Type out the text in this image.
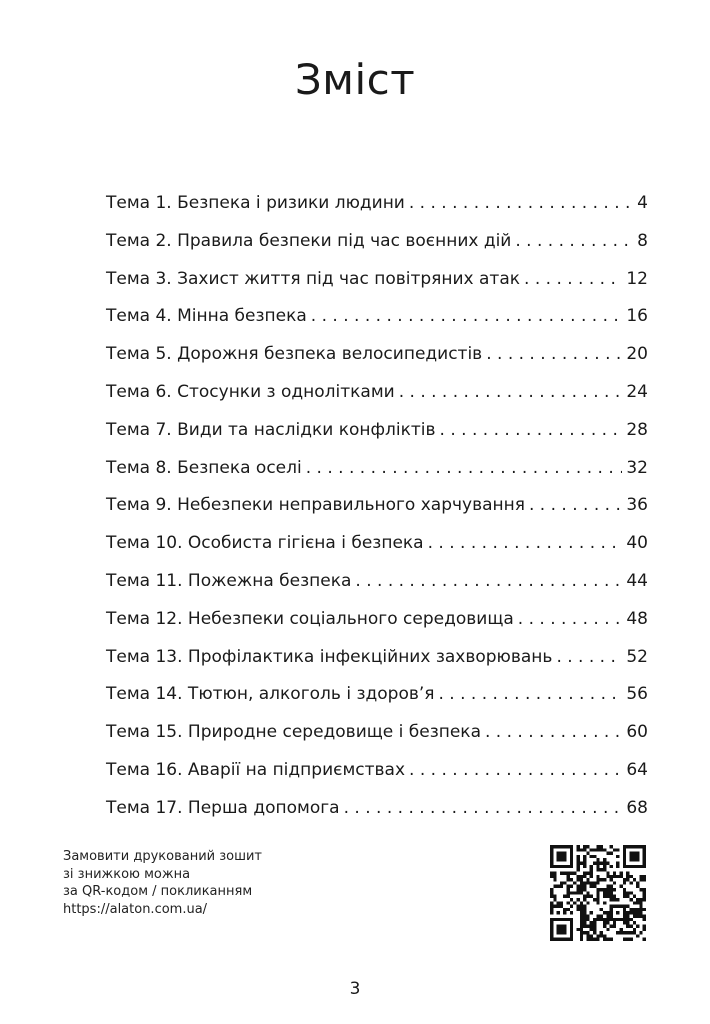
Зміст
Тема 1. Безпека і ризики людини . . .	4
Тема 2. Правила безпеки під час воєнних дій . . .	8
Тема 3. Захист життя під час повітряних атак . . .	12
Тема 4. Мінна безпека . . .	16
Тема 5. Дорожня безпека велосипедистів . . .	20
Тема 6. Стосунки з однолітками . . .	24
Тема 7. Види та наслідки конфліктів . . .	28
Тема 8. Безпека оселі . . .	32
Тема 9. Небезпеки неправильного харчування . . .	36
Тема 10. Особиста гігієна і безпека . . .	40
Тема 11. Пожежна безпека . . .	44
Тема 12. Небезпеки соціального середовища . . .	48
Тема 13. Профілактика інфекційних захворювань . . .	52
Тема 14. Тютюн, алкоголь і здоров’я . . .	56
Тема 15. Природне середовище і безпека . . .	60
Тема 16. Аварії на підприємствах . . .	64
Тема 17. Перша допомога . . .	68
Замовити друкований зошит
зі знижкою можна
за QR-кодом / покликанням
https://alaton.com.ua/
3
